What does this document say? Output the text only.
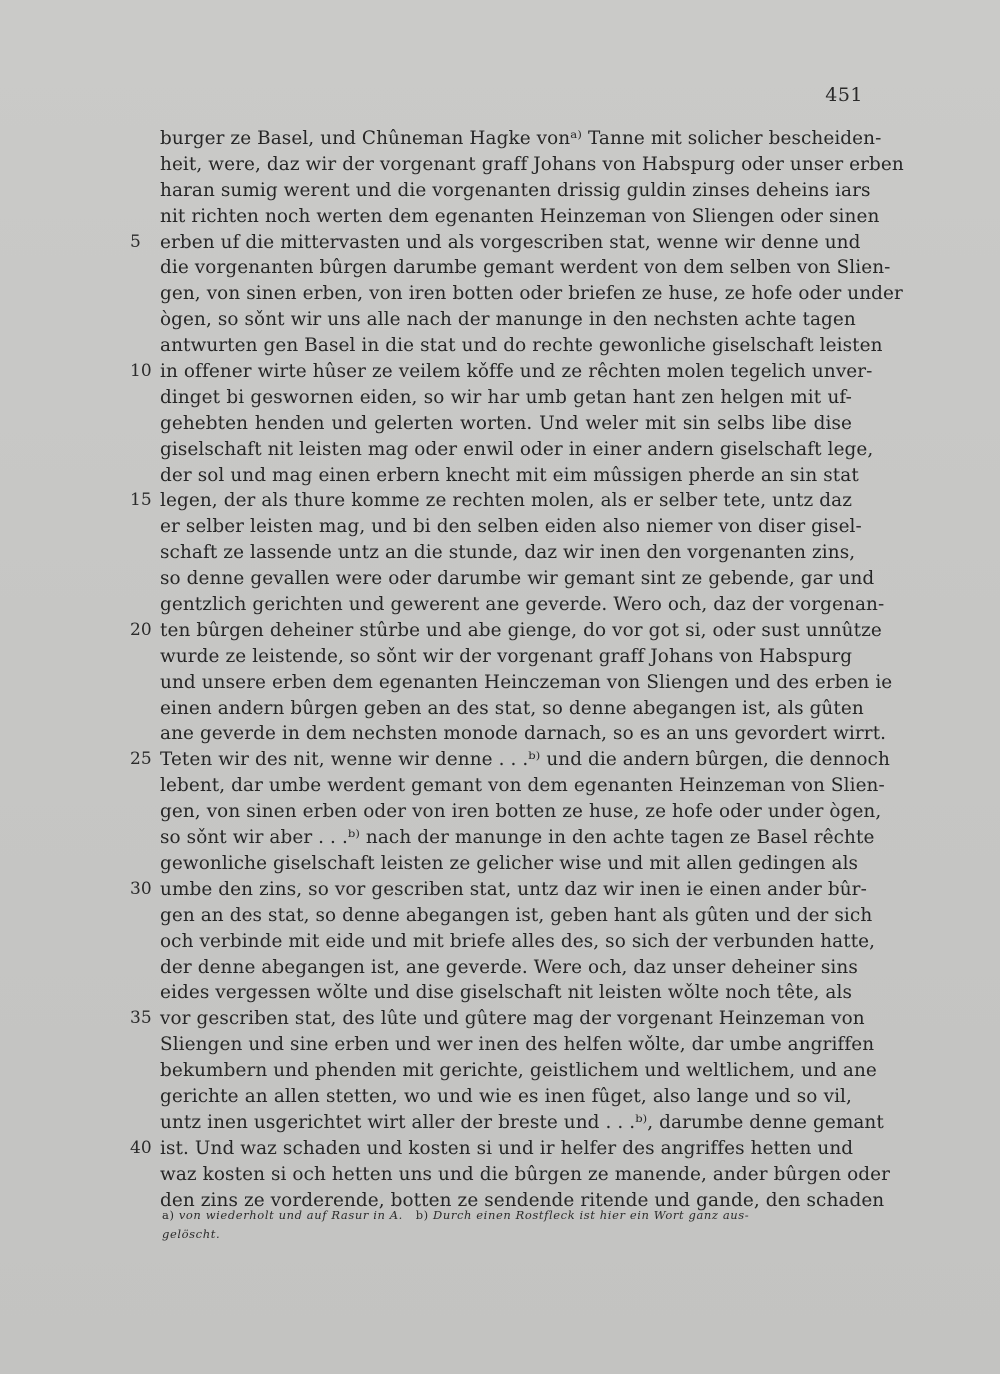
451
burger ze Basel, und Chûneman Hagke vonᵃ⁾ Tanne mit solicher bescheiden-
heit, were, daz wir der vorgenant graff Johans von Habspurg oder unser erben
haran sumig werent und die vorgenanten drissig guldin zinses deheins iars
nit richten noch werten dem egenanten Heinzeman von Sliengen oder sinen
5	erben uf die mittervasten und als vorgescriben stat, wenne wir denne und
die vorgenanten bûrgen darumbe gemant werdent von dem selben von Slien-
gen, von sinen erben, von iren botten oder briefen ze huse, ze hofe oder under
ògen, so sǒnt wir uns alle nach der manunge in den nechsten achte tagen
antwurten gen Basel in die stat und do rechte gewonliche giselschaft leisten
10 in offener wirte hûser ze veilem kǒffe und ze rêchten molen tegelich unver-
dinget bi geswornen eiden, so wir har umb getan hant zen helgen mit uf-
gehebten henden und gelerten worten. Und weler mit sin selbs libe dise
giselschaft nit leisten mag oder enwil oder in einer andern giselschaft lege,
der sol und mag einen erbern knecht mit eim mûssigen pherde an sin stat
15 legen, der als thure komme ze rechten molen, als er selber tete, untz daz
er selber leisten mag, und bi den selben eiden also niemer von diser gisel-
schaft ze lassende untz an die stunde, daz wir inen den vorgenanten zins,
so denne gevallen were oder darumbe wir gemant sint ze gebende, gar und
gentzlich gerichten und gewerent ane geverde. Wero och, daz der vorgenan-
20 ten bûrgen deheiner stûrbe und abe gienge, do vor got si, oder sust unnûtze
wurde ze leistende, so sǒnt wir der vorgenant graff Johans von Habspurg
und unsere erben dem egenanten Heinczeman von Sliengen und des erben ie
einen andern bûrgen geben an des stat, so denne abegangen ist, als gûten
ane geverde in dem nechsten monode darnach, so es an uns gevordert wirrt.
25 Teten wir des nit, wenne wir denne . . .ᵇ⁾ und die andern bûrgen, die dennoch
lebent, dar umbe werdent gemant von dem egenanten Heinzeman von Slien-
gen, von sinen erben oder von iren botten ze huse, ze hofe oder under ògen,
so sǒnt wir aber . . .ᵇ⁾ nach der manunge in den achte tagen ze Basel rêchte
gewonliche giselschaft leisten ze gelicher wise und mit allen gedingen als
30 umbe den zins, so vor gescriben stat, untz daz wir inen ie einen ander bûr-
gen an des stat, so denne abegangen ist, geben hant als gûten und der sich
och verbinde mit eide und mit briefe alles des, so sich der verbunden hatte,
der denne abegangen ist, ane geverde. Were och, daz unser deheiner sins
eides vergessen wǒlte und dise giselschaft nit leisten wǒlte noch tête, als
35 vor gescriben stat, des lûte und gûtere mag der vorgenant Heinzeman von
Sliengen und sine erben und wer inen des helfen wǒlte, dar umbe angriffen
bekumbern und phenden mit gerichte, geistlichem und weltlichem, und ane
gerichte an allen stetten, wo und wie es inen fûget, also lange und so vil,
untz inen usgerichtet wirt aller der breste und . . .ᵇ⁾, darumbe denne gemant
40 ist. Und waz schaden und kosten si und ir helfer des angriffes hetten und
waz kosten si och hetten uns und die bûrgen ze manende, ander bûrgen oder
den zins ze vorderende, botten ze sendende ritende und gande, den schaden
a) von wiederholt und auf Rasur in A. b) Durch einen Rostfleck ist hier ein Wort ganz aus-
gelöscht.
